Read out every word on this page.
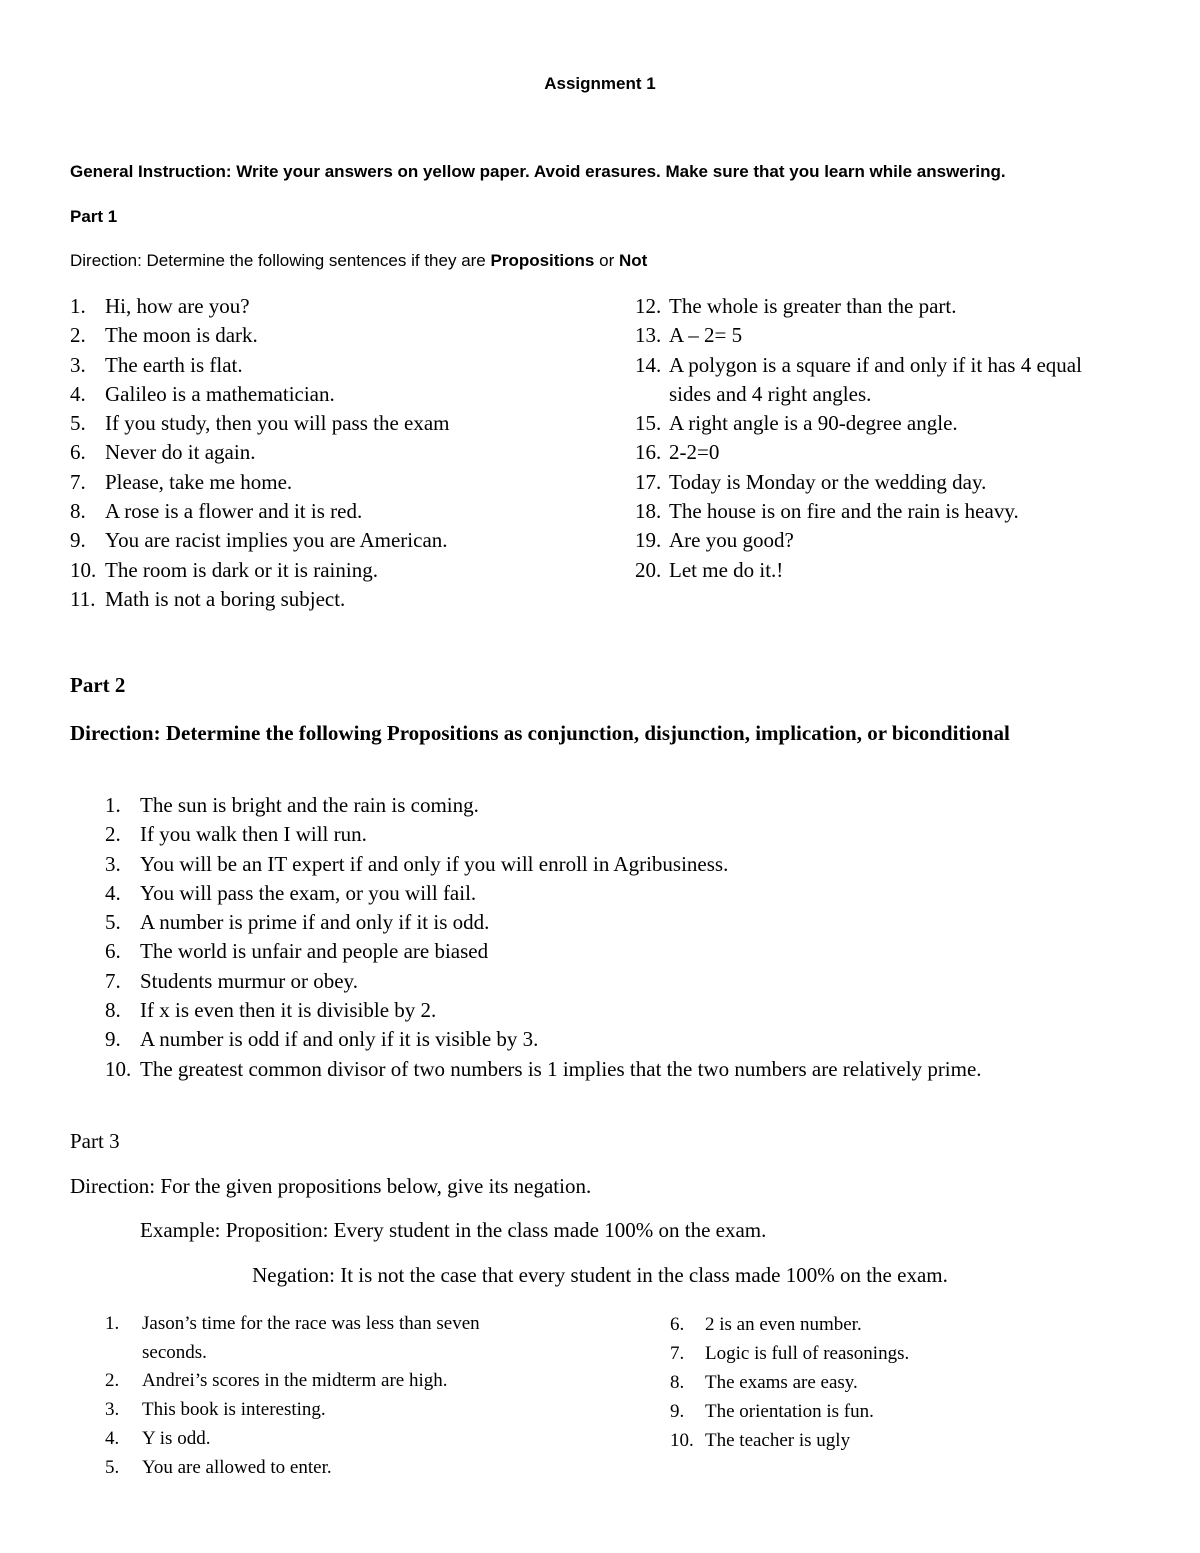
Assignment 1
General Instruction: Write your answers on yellow paper. Avoid erasures. Make sure that you learn while answering.
Part 1
Direction: Determine the following sentences if they are Propositions or Not
1. Hi, how are you?
2. The moon is dark.
3. The earth is flat.
4. Galileo is a mathematician.
5. If you study, then you will pass the exam
6. Never do it again.
7. Please, take me home.
8. A rose is a flower and it is red.
9. You are racist implies you are American.
10. The room is dark or it is raining.
11. Math is not a boring subject.
12. The whole is greater than the part.
13. A – 2= 5
14. A polygon is a square if and only if it has 4 equal sides and 4 right angles.
15. A right angle is a 90-degree angle.
16. 2-2=0
17. Today is Monday or the wedding day.
18. The house is on fire and the rain is heavy.
19. Are you good?
20. Let me do it.!
Part 2
Direction: Determine the following Propositions as conjunction, disjunction, implication, or biconditional
1. The sun is bright and the rain is coming.
2. If you walk then I will run.
3. You will be an IT expert if and only if you will enroll in Agribusiness.
4. You will pass the exam, or you will fail.
5. A number is prime if and only if it is odd.
6. The world is unfair and people are biased
7. Students murmur or obey.
8. If x is even then it is divisible by 2.
9. A number is odd if and only if it is visible by 3.
10. The greatest common divisor of two numbers is 1 implies that the two numbers are relatively prime.
Part 3
Direction: For the given propositions below, give its negation.
Example: Proposition: Every student in the class made 100% on the exam.
Negation: It is not the case that every student in the class made 100% on the exam.
1.	Jason’s time for the race was less than seven seconds.
2.	Andrei’s scores in the midterm are high.
3.	This book is interesting.
4.	Y is odd.
5.	You are allowed to enter.
6.	2 is an even number.
7.	Logic is full of reasonings.
8.	The exams are easy.
9.	The orientation is fun.
10. The teacher is ugly
